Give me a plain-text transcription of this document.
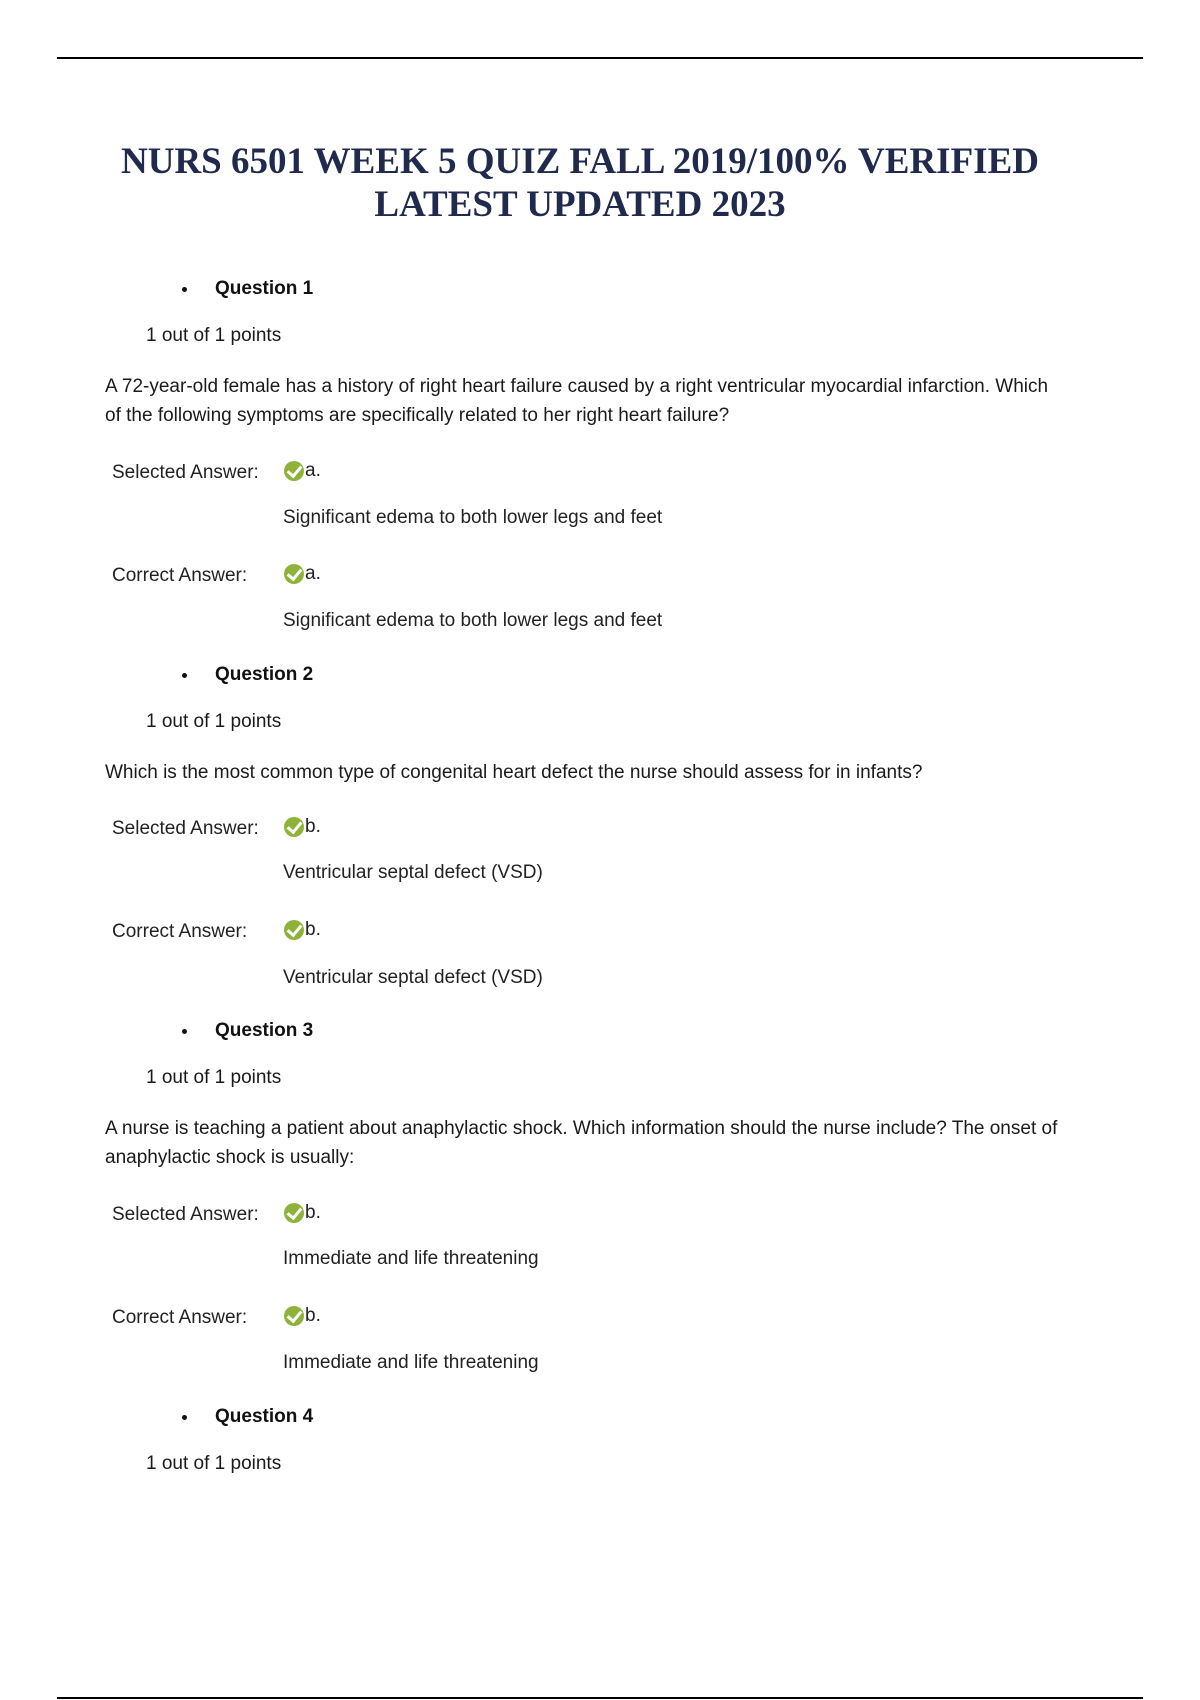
NURS 6501 WEEK 5 QUIZ FALL 2019/100% VERIFIED LATEST UPDATED 2023
Question 1
1 out of 1 points
A 72-year-old female has a history of right heart failure caused by a right ventricular myocardial infarction. Which of the following symptoms are specifically related to her right heart failure?
Selected Answer: a.
Significant edema to both lower legs and feet
Correct Answer:	a.
Significant edema to both lower legs and feet
Question 2
1 out of 1 points
Which is the most common type of congenital heart defect the nurse should assess for in infants?
Selected Answer: b.
Ventricular septal defect (VSD)
Correct Answer:	b.
Ventricular septal defect (VSD)
Question 3
1 out of 1 points
A nurse is teaching a patient about anaphylactic shock. Which information should the nurse include? The onset of anaphylactic shock is usually:
Selected Answer: b.
Immediate and life threatening
Correct Answer:	b.
Immediate and life threatening
Question 4
1 out of 1 points
